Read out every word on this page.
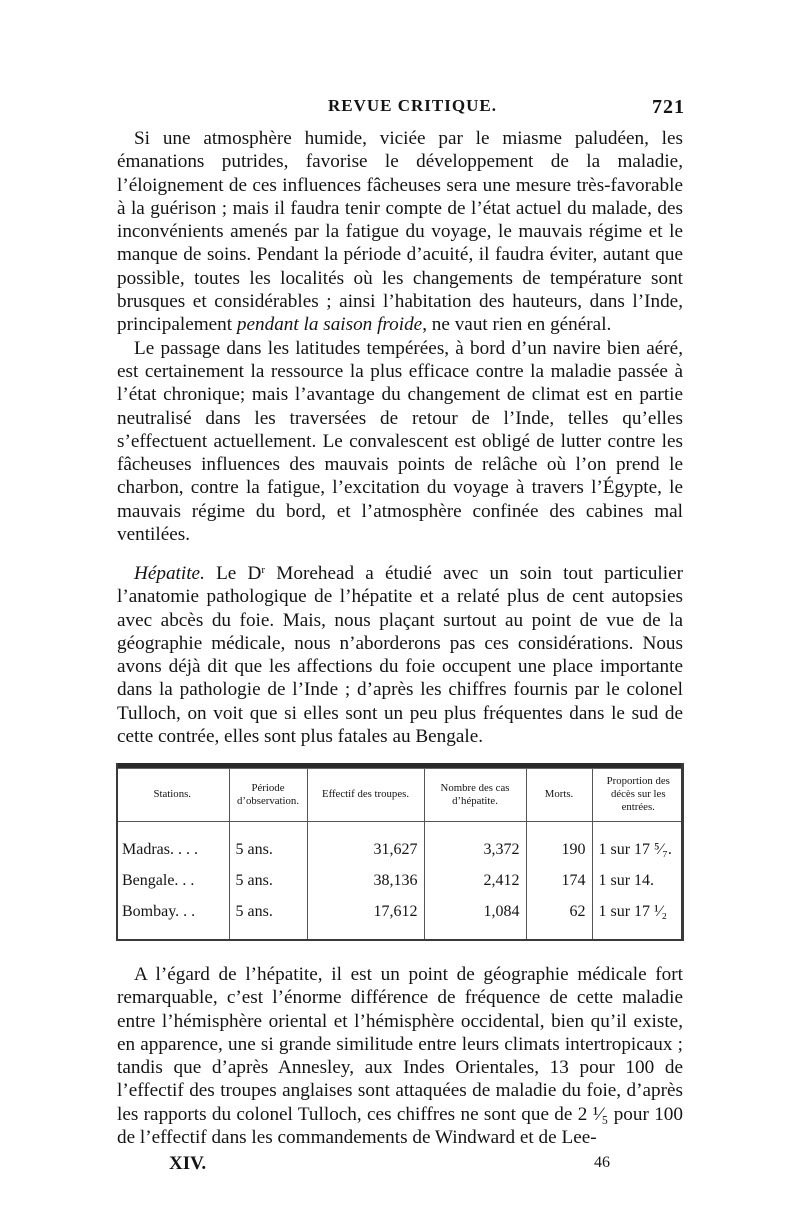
REVUE CRITIQUE.	721

Si une atmosphère humide, viciée par le miasme paludéen, les émanations putrides, favorise le développement de la maladie, l’éloignement de ces influences fâcheuses sera une mesure très-favorable à la guérison ; mais il faudra tenir compte de l’état actuel du malade, des inconvénients amenés par la fatigue du voyage, le mauvais régime et le manque de soins. Pendant la période d’acuité, il faudra éviter, autant que possible, toutes les localités où les changements de température sont brusques et considérables ; ainsi l’habitation des hauteurs, dans l’Inde, principalement pendant la saison froide, ne vaut rien en général.

Le passage dans les latitudes tempérées, à bord d’un navire bien aéré, est certainement la ressource la plus efficace contre la maladie passée à l’état chronique; mais l’avantage du changement de climat est en partie neutralisé dans les traversées de retour de l’Inde, telles qu’elles s’effectuent actuellement. Le convalescent est obligé de lutter contre les fâcheuses influences des mauvais points de relâche où l’on prend le charbon, contre la fatigue, l’excitation du voyage à travers l’Égypte, le mauvais régime du bord, et l’atmosphère confinée des cabines mal ventilées.

Hépatite. Le $D^r$ Morehead a étudié avec un soin tout particulier l’anatomie pathologique de l’hépatite et a relaté plus de cent autopsies avec abcès du foie. Mais, nous plaçant surtout au point de vue de la géographie médicale, nous n’aborderons pas ces considérations. Nous avons déjà dit que les affections du foie occupent une place importante dans la pathologie de l’Inde ; d’après les chiffres fournis par le colonel Tulloch, on voit que si elles sont un peu plus fréquentes dans le sud de cette contrée, elles sont plus fatales au Bengale.

Stations.	Période d’observation.	Effectif des troupes.	Nombre des cas d’hépatite.	Morts.	Proportion des décès sur les entrées.

Madras. . . .	5 ans.	31,627	3,372	190	1 sur 17 ⁵⁄₇.
Bengale. . .	5 ans.	38,136	2,412	174	1 sur 14.
Bombay. . .	5 ans.	17,612	1,084	62	1 sur 17 ¹⁄₂

A l’égard de l’hépatite, il est un point de géographie médicale fort remarquable, c’est l’énorme différence de fréquence de cette maladie entre l’hémisphère oriental et l’hémisphère occidental, bien qu’il existe, en apparence, une si grande similitude entre leurs climats intertropicaux ; tandis que d’après Annesley, aux Indes Orientales, 13 pour 100 de l’effectif des troupes anglaises sont attaquées de maladie du foie, d’après les rapports du colonel Tulloch, ces chiffres ne sont que de 2 ¹⁄₅ pour 100 de l’effectif dans les commandements de Windward et de Lee-

XIV.	46
